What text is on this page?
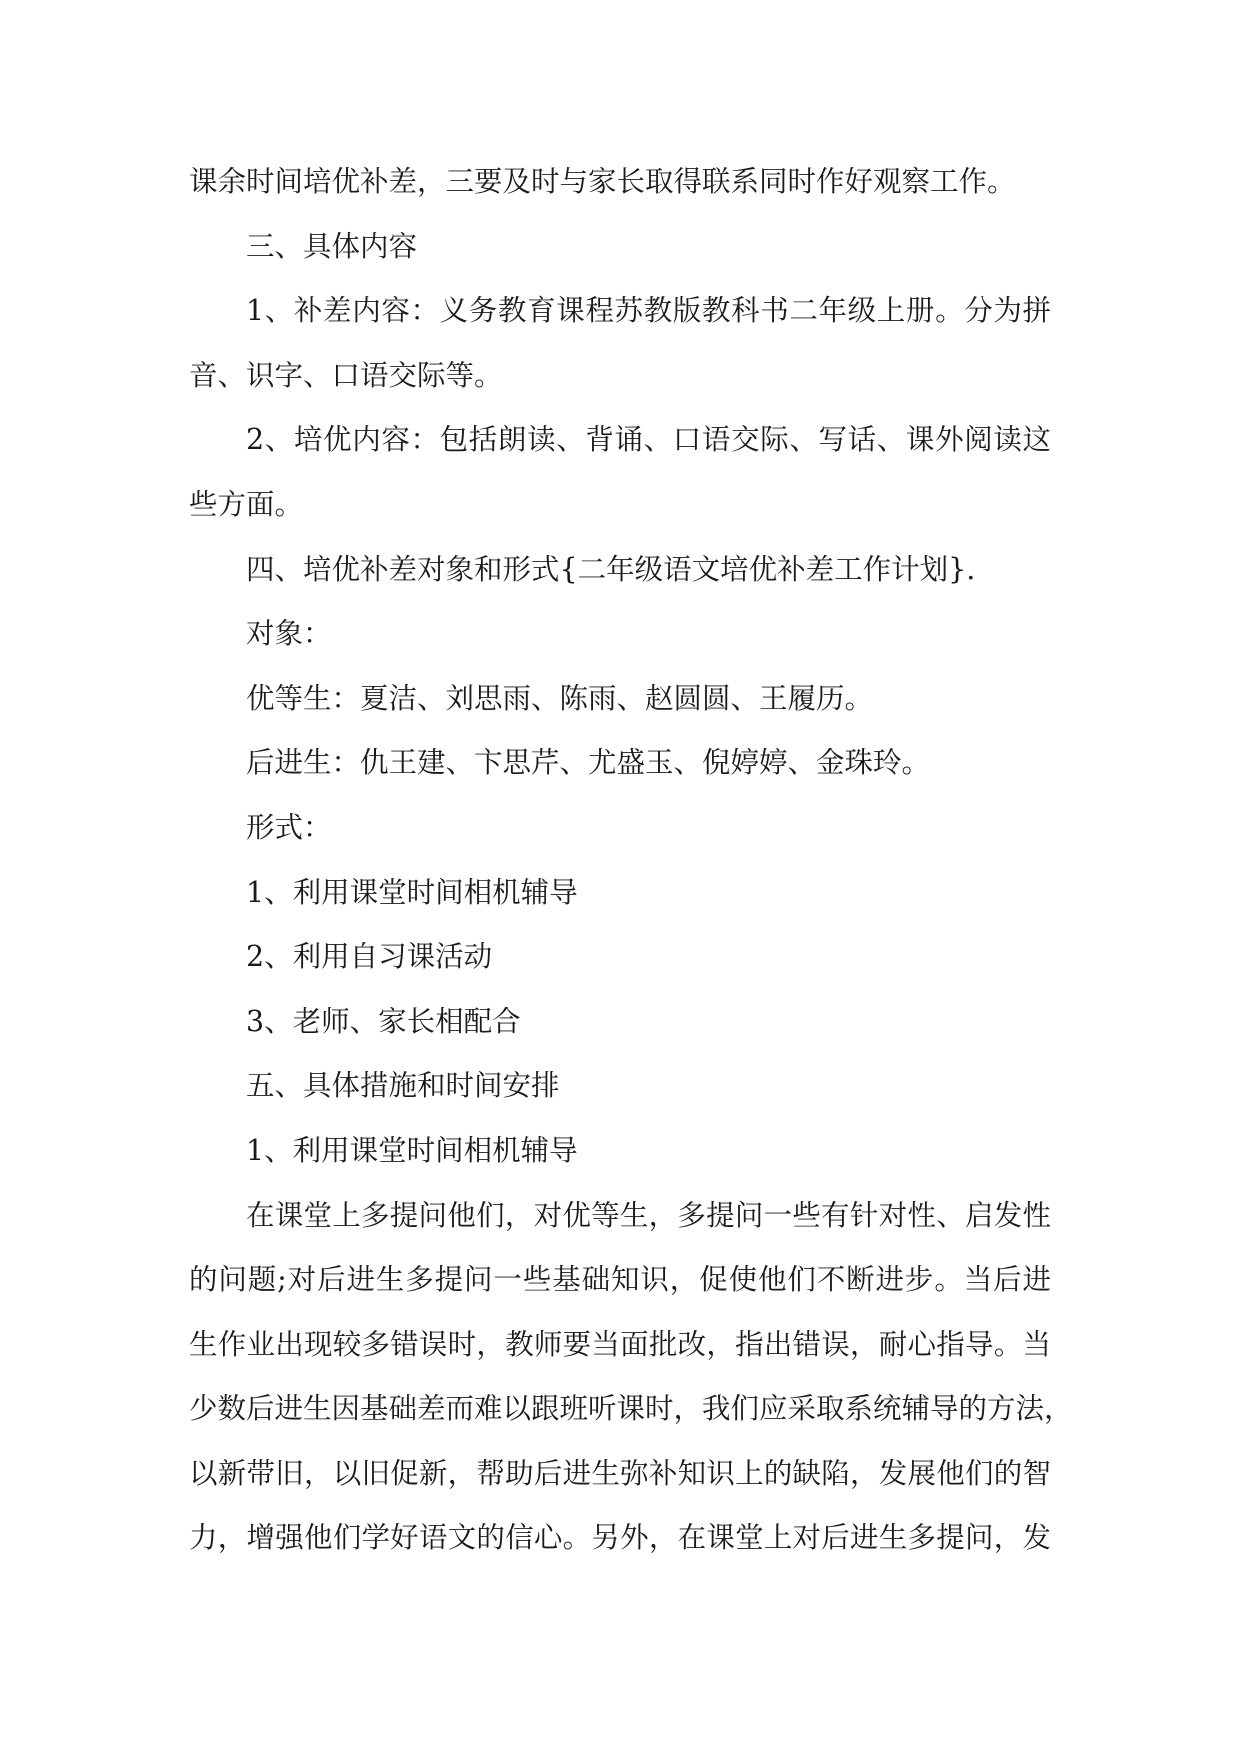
课余时间培优补差，三要及时与家长取得联系同时作好观察工作。
三、具体内容
1、补差内容：义务教育课程苏教版教科书二年级上册。分为拼
音、识字、口语交际等。
2、培优内容：包括朗读、背诵、口语交际、写话、课外阅读这
些方面。
四、培优补差对象和形式{二年级语文培优补差工作计划}.
对象：
优等生：夏洁、刘思雨、陈雨、赵圆圆、王履历。
后进生：仇王建、卞思芹、尤盛玉、倪婷婷、金珠玲。
形式：
1、利用课堂时间相机辅导
2、利用自习课活动
3、老师、家长相配合
五、具体措施和时间安排
1、利用课堂时间相机辅导
在课堂上多提问他们，对优等生，多提问一些有针对性、启发性
的问题;对后进生多提问一些基础知识，促使他们不断进步。当后进
生作业出现较多错误时，教师要当面批改，指出错误，耐心指导。当
少数后进生因基础差而难以跟班听课时，我们应采取系统辅导的方法，
以新带旧，以旧促新，帮助后进生弥补知识上的缺陷，发展他们的智
力，增强他们学好语文的信心。另外，在课堂上对后进生多提问，发
